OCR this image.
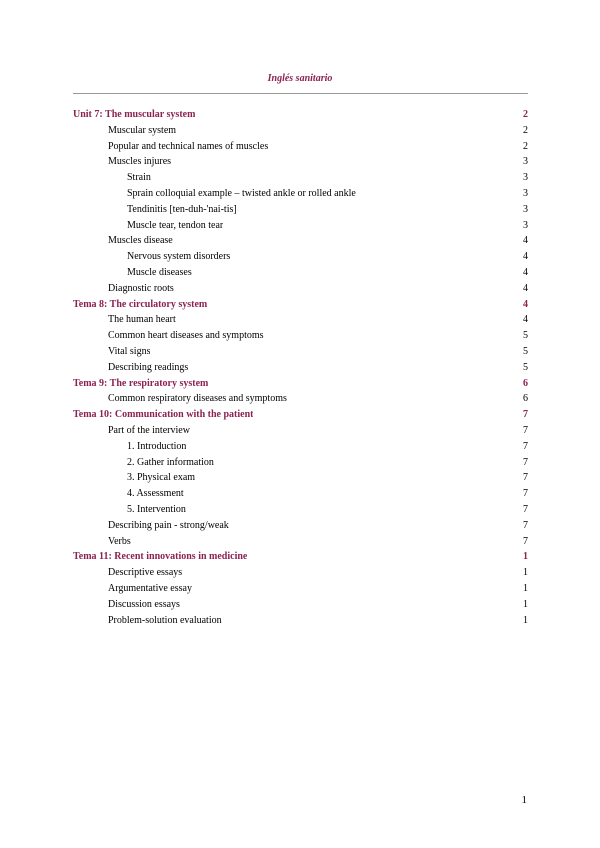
Inglés sanitario
Unit 7: The muscular system	2
Muscular system	2
Popular and technical names of muscles	2
Muscles injures	3
Strain	3
Sprain colloquial example – twisted ankle or rolled ankle	3
Tendinitis [ten-duh-'nai-tis]	3
Muscle tear, tendon tear	3
Muscles disease	4
Nervous system disorders	4
Muscle diseases	4
Diagnostic roots	4
Tema 8: The circulatory system	4
The human heart	4
Common heart diseases and symptoms	5
Vital signs	5
Describing readings	5
Tema 9: The respiratory system	6
Common respiratory diseases and symptoms	6
Tema 10: Communication with the patient	7
Part of the interview	7
1. Introduction	7
2. Gather information	7
3. Physical exam	7
4. Assessment	7
5. Intervention	7
Describing pain - strong/weak	7
Verbs	7
Tema 11: Recent innovations in medicine	1
Descriptive essays	1
Argumentative essay	1
Discussion essays	1
Problem-solution evaluation	1
1
